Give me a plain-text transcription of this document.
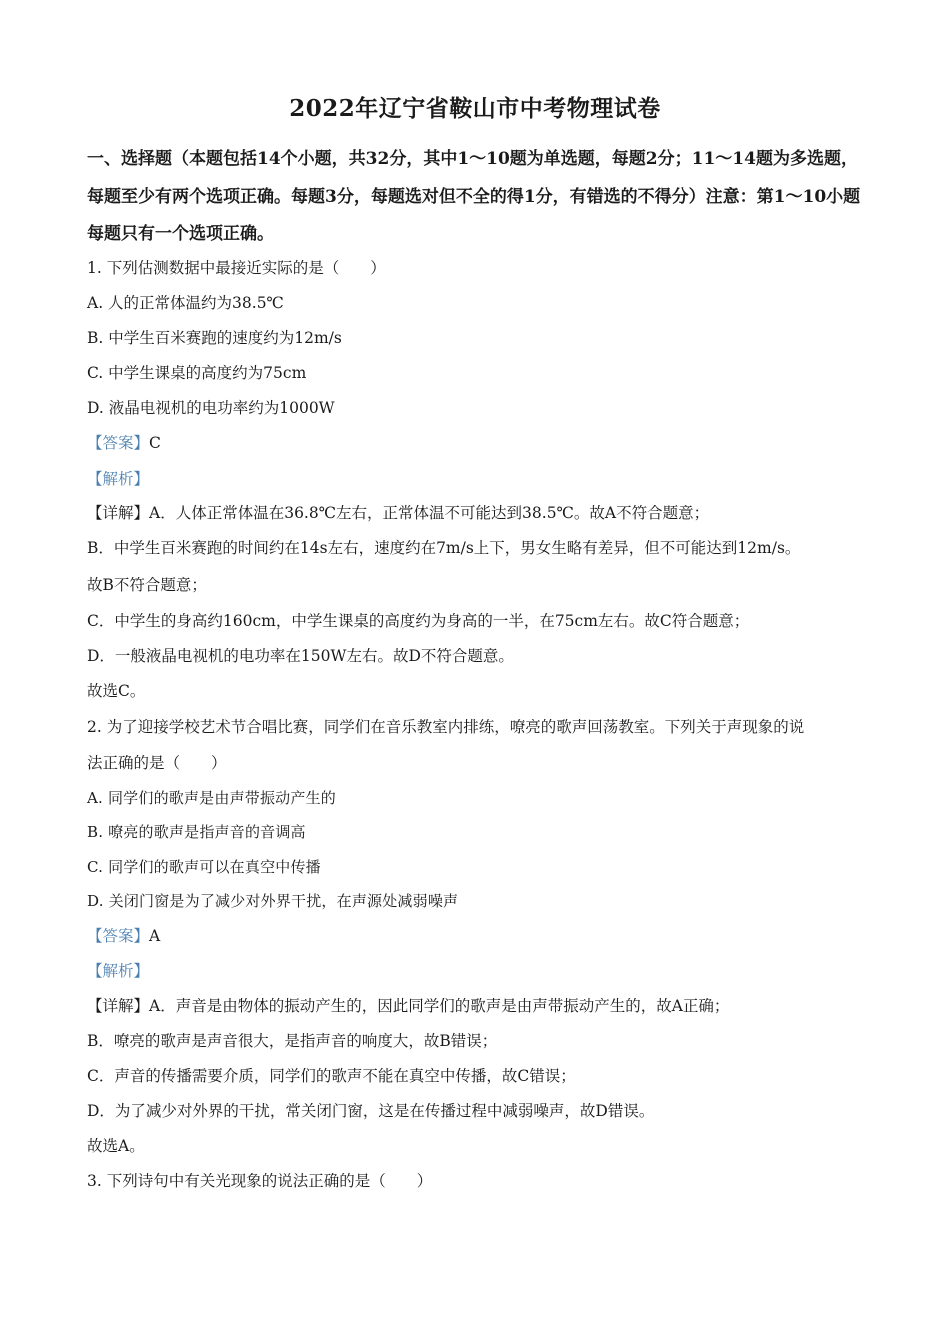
2022年辽宁省鞍山市中考物理试卷
一、选择题（本题包括14个小题，共32分，其中1～10题为单选题，每题2分；11～14题为多选题，每题至少有两个选项正确。每题3分，每题选对但不全的得1分，有错选的不得分）注意：第1～10小题每题只有一个选项正确。
1. 下列估测数据中最接近实际的是（　　）
A. 人的正常体温约为38.5℃
B. 中学生百米赛跑的速度约为12m/s
C. 中学生课桌的高度约为75cm
D. 液晶电视机的电功率约为1000W
【答案】C
【解析】
【详解】A．人体正常体温在36.8℃左右，正常体温不可能达到38.5℃。故A不符合题意；
B．中学生百米赛跑的时间约在14s左右，速度约在7m/s上下，男女生略有差异，但不可能达到12m/s。
故B不符合题意；
C．中学生的身高约160cm，中学生课桌的高度约为身高的一半，在75cm左右。故C符合题意；
D．一般液晶电视机的电功率在150W左右。故D不符合题意。
故选C。
2. 为了迎接学校艺术节合唱比赛，同学们在音乐教室内排练，嘹亮的歌声回荡教室。下列关于声现象的说
法正确的是（　　）
A. 同学们的歌声是由声带振动产生的
B. 嘹亮的歌声是指声音的音调高
C. 同学们的歌声可以在真空中传播
D. 关闭门窗是为了减少对外界干扰，在声源处减弱噪声
【答案】A
【解析】
【详解】A．声音是由物体的振动产生的，因此同学们的歌声是由声带振动产生的，故A正确；
B．嘹亮的歌声是声音很大，是指声音的响度大，故B错误；
C．声音的传播需要介质，同学们的歌声不能在真空中传播，故C错误；
D．为了减少对外界的干扰，常关闭门窗，这是在传播过程中减弱噪声，故D错误。
故选A。
3. 下列诗句中有关光现象的说法正确的是（　　）
